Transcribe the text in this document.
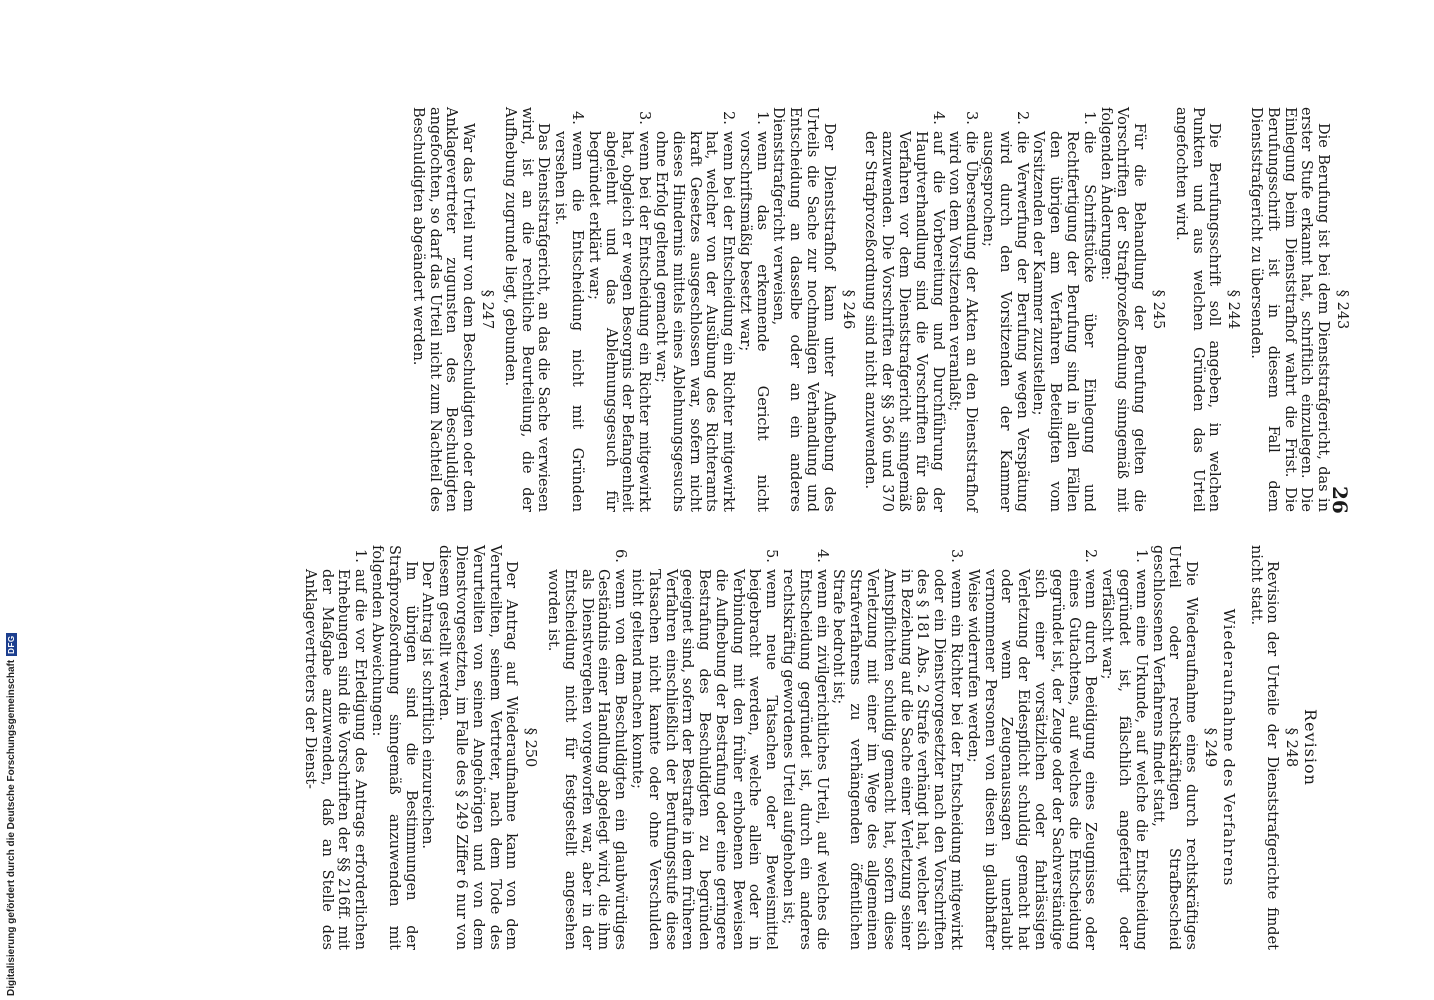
26
§ 243

Die Berufung ist bei dem Dienststrafgericht, das in erster Stufe erkannt hat, schriftlich einzulegen. Die Einlegung beim Dienststrafhof wahrt die Frist. Die Berufungsschrift ist in diesem Fall dem Dienststrafgericht zu übersenden.

§ 244

Die Berufungsschrift soll angeben, in welchen Punkten und aus welchen Gründen das Urteil angefochten wird.

§ 245

Für die Behandlung der Berufung gelten die Vorschriften der Strafprozeßordnung sinngemäß mit folgenden Änderungen:

1.
die Schriftstücke über Einlegung und Rechtfertigung der Berufung sind in allen Fällen den übrigen am Verfahren Beteiligten vom Vorsitzenden der Kammer zuzustellen;
2.
die Verwerfung der Berufung wegen Verspätung wird durch den Vorsitzenden der Kammer ausgesprochen;
3.
die Übersendung der Akten an den Dienststrafhof wird von dem Vorsitzenden veranlaßt;
4.
auf die Vorbereitung und Durchführung der Hauptverhandlung sind die Vorschriften für das Verfahren vor dem Dienststrafgericht sinngemäß anzuwenden. Die Vorschriften der §§ 366 und 370 der Strafprozeßordnung sind nicht anzuwenden.
§ 246

Der Dienststrafhof kann unter Aufhebung des Urteils die Sache zur nochmaligen Verhandlung und Entscheidung an dasselbe oder an ein anderes Dienststrafgericht verweisen,

1.
wenn das erkennende Gericht nicht vorschriftsmäßig besetzt war;
2.
wenn bei der Entscheidung ein Richter mitgewirkt hat, welcher von der Ausübung des Richteramts kraft Gesetzes ausgeschlossen war, sofern nicht dieses Hindernis mittels eines Ablehnungsgesuchs ohne Erfolg geltend gemacht war;
3.
wenn bei der Entscheidung ein Richter mitgewirkt hat, obgleich er wegen Besorgnis der Befangenheit abgelehnt und das Ablehnungsgesuch für begründet erklärt war;
4.
wenn die Entscheidung nicht mit Gründen versehen ist.

Das Dienststrafgericht, an das die Sache verwiesen wird, ist an die rechtliche Beurteilung, die der Aufhebung zugrunde liegt, gebunden.

§ 247

War das Urteil nur von dem Beschuldigten oder dem Anklagevertreter zugunsten des Beschuldigten angefochten, so darf das Urteil nicht zum Nachteil des Beschuldigten abgeändert werden.

Revision
§ 248

Revision der Urteile der Dienststrafgerichte findet nicht statt.

Wiederaufnahme des Verfahrens
§ 249

Die Wiederaufnahme eines durch rechtskräftiges Urteil oder rechtskräftigen Strafbescheid geschlossenen Verfahrens findet statt,

1.
wenn eine Urkunde, auf welche die Entscheidung gegründet ist, fälschlich angefertigt oder verfälscht war;
2.
wenn durch Beeidigung eines Zeugnisses oder eines Gutachtens, auf welches die Entscheidung gegründet ist, der Zeuge oder der Sachverständige sich einer vorsätzlichen oder fahrlässigen Verletzung der Eidespflicht schuldig gemacht hat oder wenn Zeugenaussagen unerlaubt vernommener Personen von diesen in glaubhafter Weise widerrufen werden;
3.
wenn ein Richter bei der Entscheidung mitgewirkt oder ein Dienstvorgesetzter nach den Vorschriften des § 181 Abs. 2 Strafe verhängt hat, welcher sich in Beziehung auf die Sache einer Verletzung seiner Amtspflichten schuldig gemacht hat, sofern diese Verletzung mit einer im Wege des allgemeinen Strafverfahrens zu verhängenden öffentlichen Strafe bedroht ist;
4.
wenn ein zivilgerichtliches Urteil, auf welches die Entscheidung gegründet ist, durch ein anderes rechtskräftig gewordenes Urteil aufgehoben ist;
5.
wenn neue Tatsachen oder Beweismittel beigebracht werden, welche allein oder in Verbindung mit den früher erhobenen Beweisen die Aufhebung der Bestrafung oder eine geringere Bestrafung des Beschuldigten zu begründen geeignet sind, sofern der Bestrafte in dem früheren Verfahren einschließlich der Berufungsstufe diese Tatsachen nicht kannte oder ohne Verschulden nicht geltend machen konnte;
6.
wenn von dem Beschuldigten ein glaubwürdiges Geständnis einer Handlung abgelegt wird, die ihm als Dienstvergehen vorgeworfen war, aber in der Entscheidung nicht für festgestellt angesehen worden ist.
§ 250

Der Antrag auf Wiederaufnahme kann von dem Verurteilten, seinem Vertreter, nach dem Tode des Verurteilten von seinen Angehörigen und von dem Dienstvorgesetzten, im Falle des § 249 Ziffer 6 nur von diesem gestellt werden.

Der Antrag ist schriftlich einzureichen.

Im übrigen sind die Bestimmungen der Strafprozeßordnung sinngemäß anzuwenden mit folgenden Abweichungen:

1.
auf die vor Erledigung des Antrags erforderlichen Erhebungen sind die Vorschriften der §§ 216ff. mit der Maßgabe anzuwenden, daß an Stelle des Anklagevertreters der Dienst-
Digitalisierung gefördert durch die Deutsche Forschungsgemeinschaft
DFG
